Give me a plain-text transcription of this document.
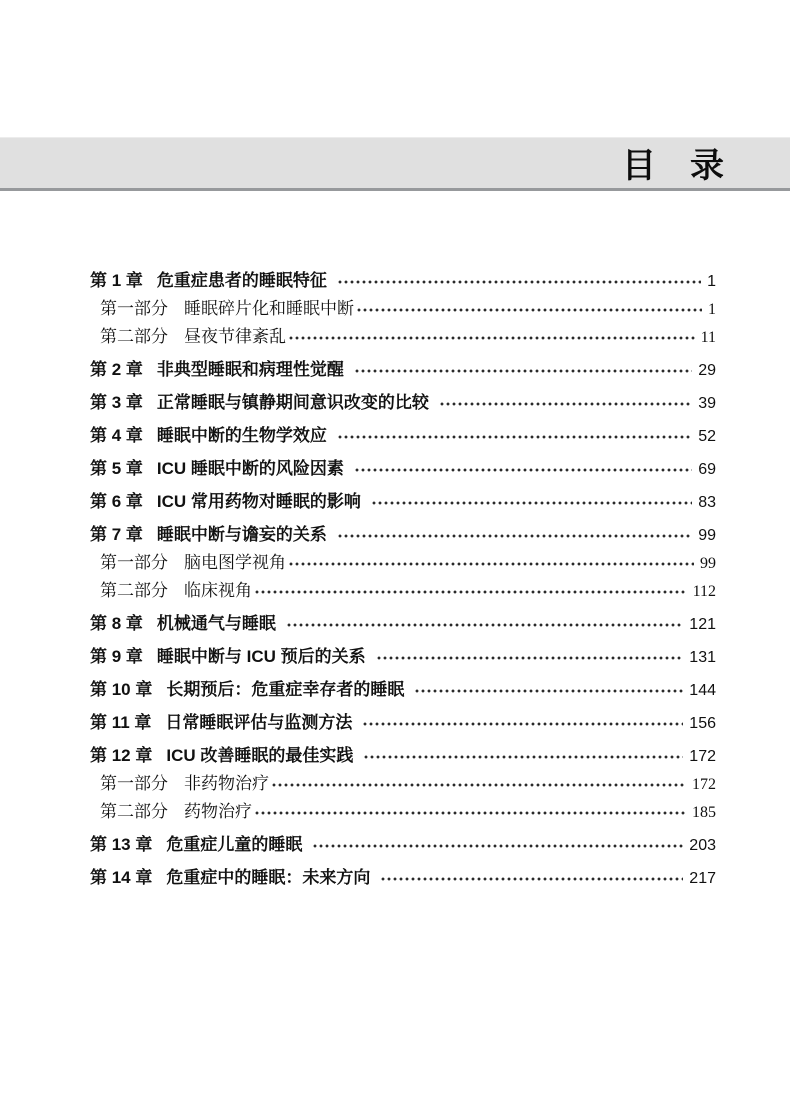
目　录
第 1 章 危重症患者的睡眠特征	1
第一部分 睡眠碎片化和睡眠中断	1
第二部分 昼夜节律紊乱	11
第 2 章 非典型睡眠和病理性觉醒	29
第 3 章 正常睡眠与镇静期间意识改变的比较	39
第 4 章 睡眠中断的生物学效应	52
第 5 章 ICU 睡眠中断的风险因素	69
第 6 章 ICU 常用药物对睡眠的影响	83
第 7 章 睡眠中断与谵妄的关系	99
第一部分 脑电图学视角	99
第二部分 临床视角	112
第 8 章 机械通气与睡眠	121
第 9 章 睡眠中断与 ICU 预后的关系	131
第 10 章 长期预后：危重症幸存者的睡眠	144
第 11 章 日常睡眠评估与监测方法	156
第 12 章 ICU 改善睡眠的最佳实践	172
第一部分 非药物治疗	172
第二部分 药物治疗	185
第 13 章 危重症儿童的睡眠	203
第 14 章 危重症中的睡眠：未来方向	217
